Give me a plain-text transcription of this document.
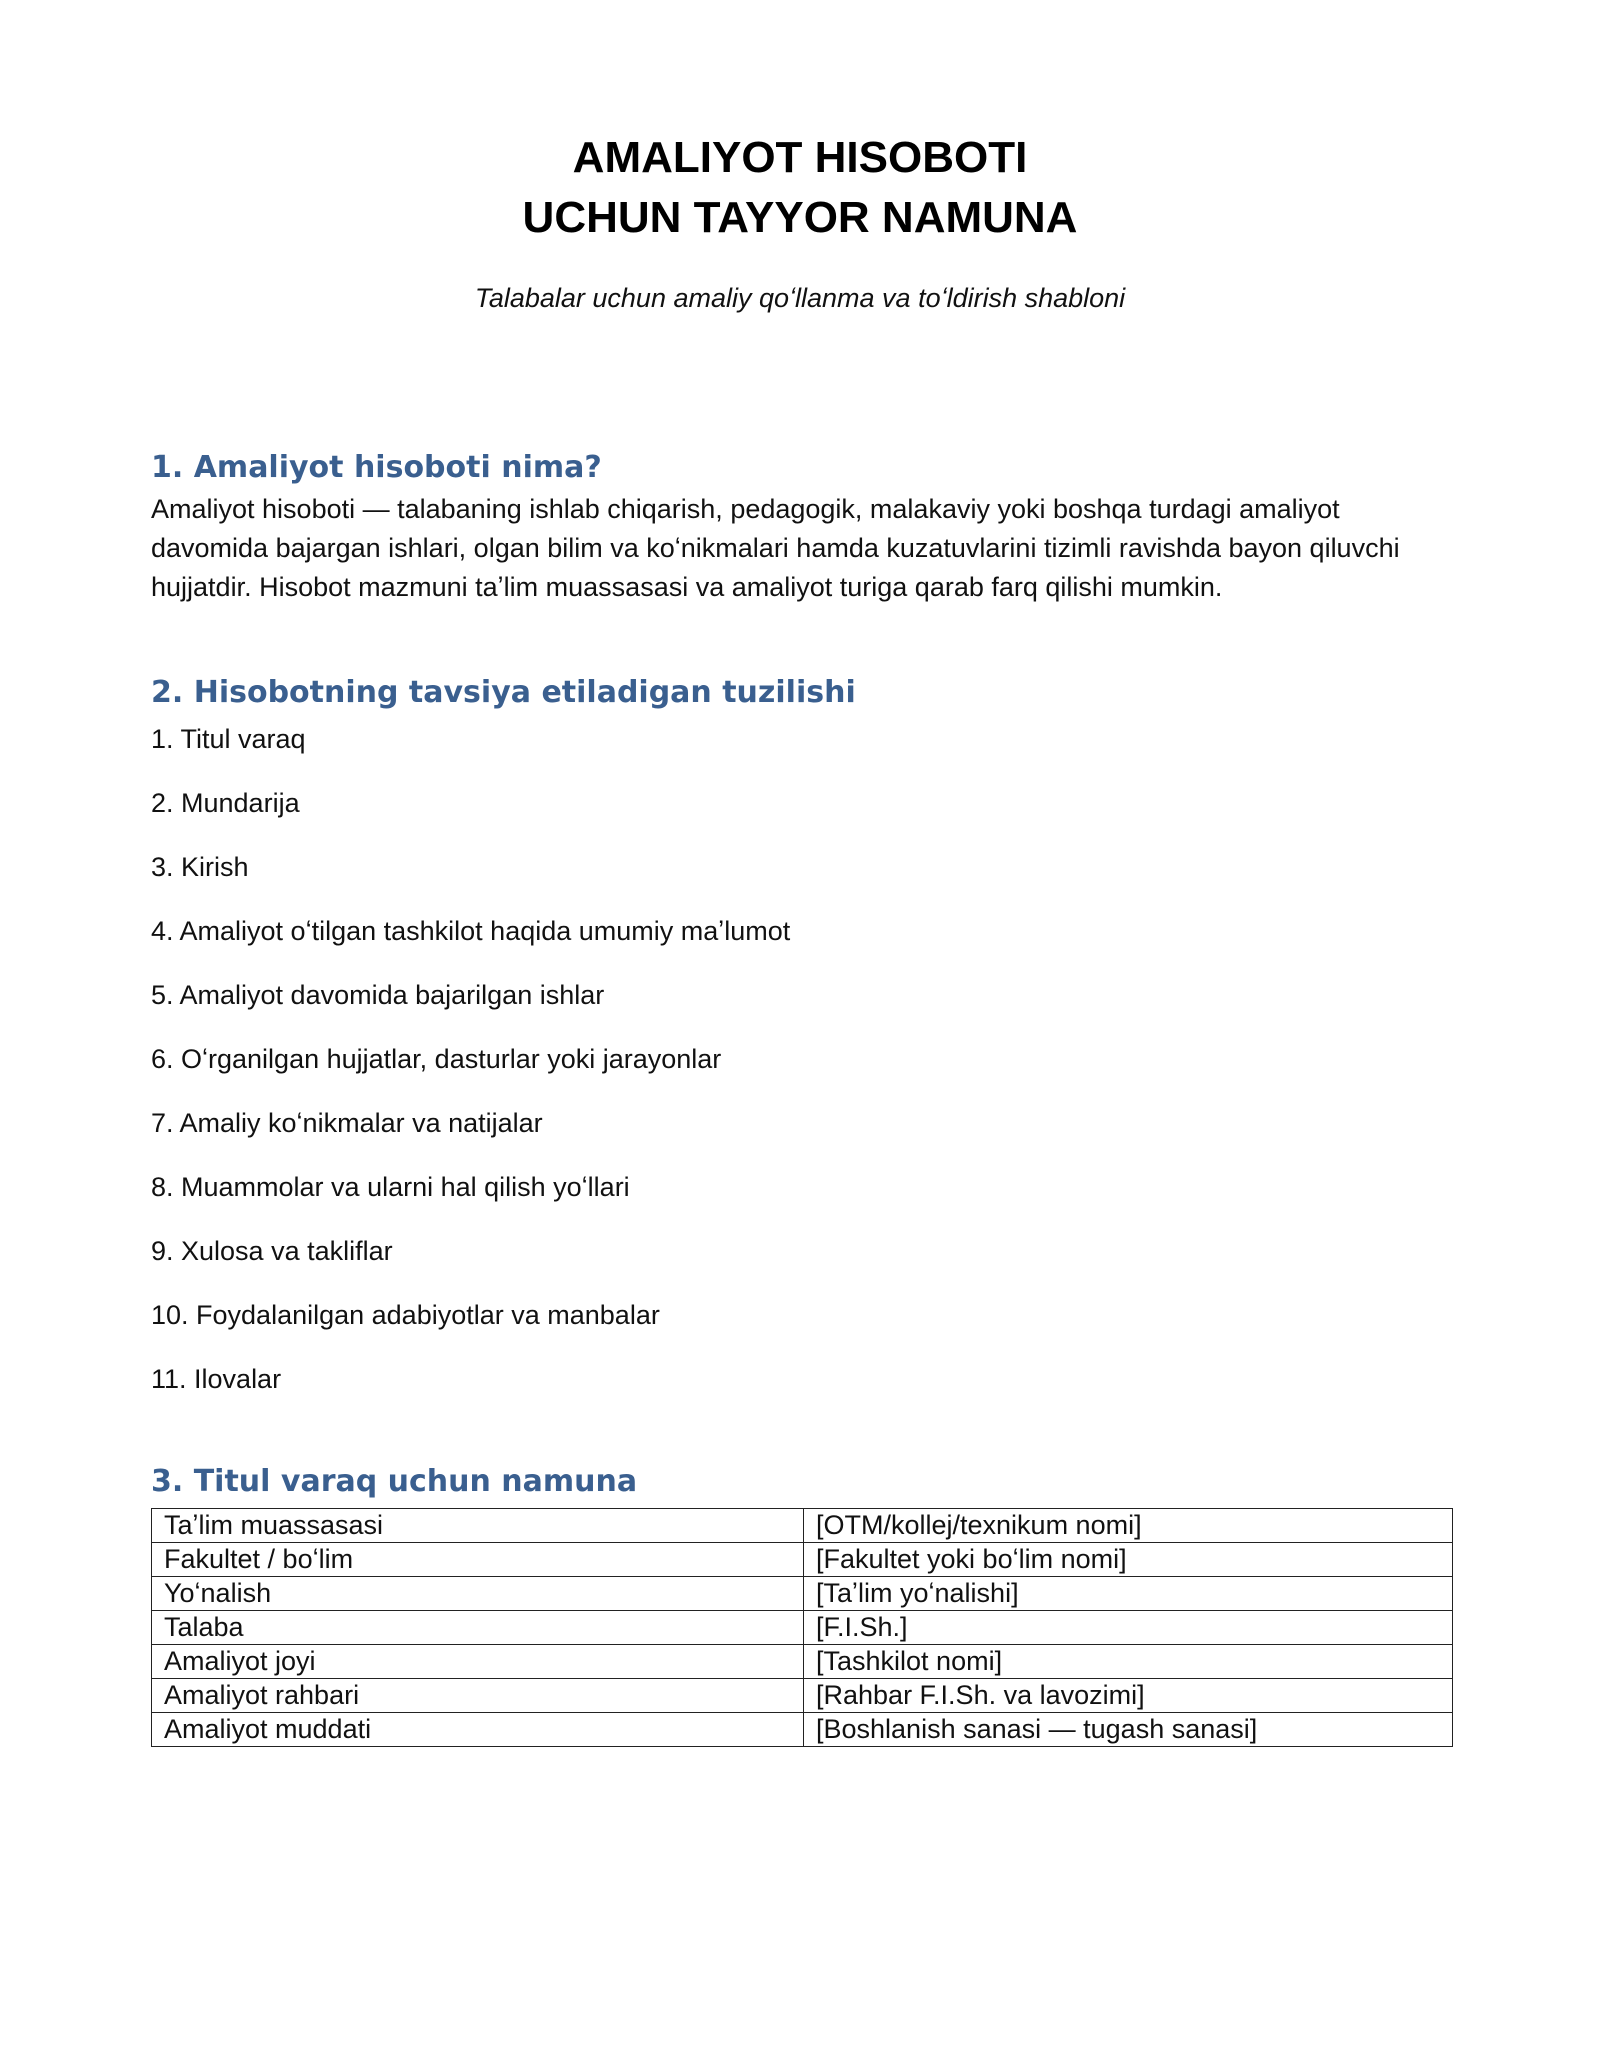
AMALIYOT HISOBOTI
UCHUN TAYYOR NAMUNA
Talabalar uchun amaliy qoʻllanma va toʻldirish shabloni
1. Amaliyot hisoboti nima?

Amaliyot hisoboti — talabaning ishlab chiqarish, pedagogik, malakaviy yoki boshqa turdagi amaliyot davomida bajargan ishlari, olgan bilim va koʻnikmalari hamda kuzatuvlarini tizimli ravishda bayon qiluvchi hujjatdir. Hisobot mazmuni taʼlim muassasasi va amaliyot turiga qarab farq qilishi mumkin.

2. Hisobotning tavsiya etiladigan tuzilishi
1. Titul varaq
2. Mundarija
3. Kirish
4. Amaliyot oʻtilgan tashkilot haqida umumiy maʼlumot
5. Amaliyot davomida bajarilgan ishlar
6. Oʻrganilgan hujjatlar, dasturlar yoki jarayonlar
7. Amaliy koʻnikmalar va natijalar
8. Muammolar va ularni hal qilish yoʻllari
9. Xulosa va takliflar
10. Foydalanilgan adabiyotlar va manbalar
11. Ilovalar
3. Titul varaq uchun namuna
Taʼlim muassasasi	[OTM/kollej/texnikum nomi]
Fakultet / boʻlim	[Fakultet yoki boʻlim nomi]
Yoʻnalish	[Taʼlim yoʻnalishi]
Talaba	[F.I.Sh.]
Amaliyot joyi	[Tashkilot nomi]
Amaliyot rahbari	[Rahbar F.I.Sh. va lavozimi]
Amaliyot muddati	[Boshlanish sanasi — tugash sanasi]
